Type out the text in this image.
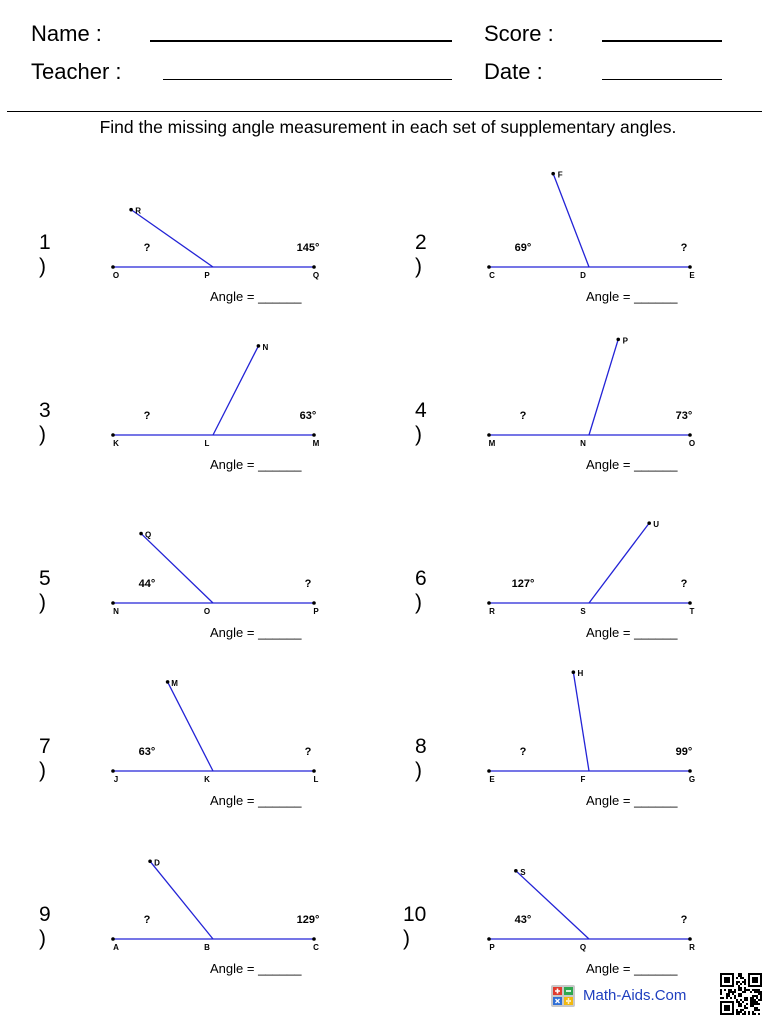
Name :
Teacher :
Score :
Date :
Find the missing angle measurement in each set of supplementary angles.
O	P	Q
R
?	145°
C	D	E
F
69°	?
K	L	M
N
?	63°
M	N	O
P
?	73°
N	O	P
Q
44°	?
R	S	T
U
127°	?
J	K	L
M
63°	?
E	F	G
H
?	99°
A	B	C
D
?	129°
P	Q	R
S
43°	?
1 )
Angle = ______
2 )
Angle = ______
3 )
Angle = ______
4 )
Angle = ______
5 )
Angle = ______
6 )
Angle = ______
7 )
Angle = ______
8 )
Angle = ______
9 )
Angle = ______
10 )
Angle = ______
Math-Aids.Com
